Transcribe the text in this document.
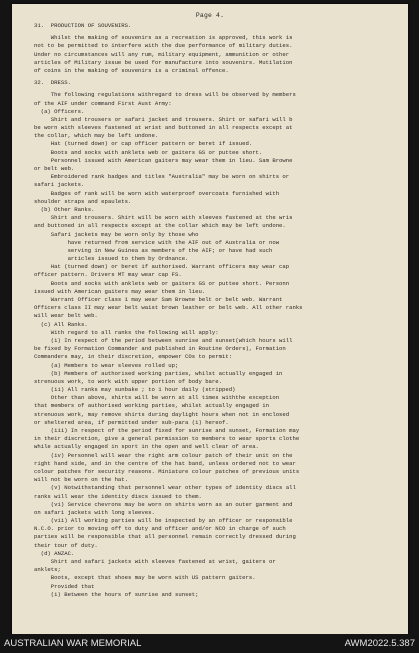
Page 4.
31.  PRODUCTION OF SOUVENIRS.
Whilst the making of souvenirs as a recreation is approved, this work is
not to be permitted to interfere with the due performance of military duties.
Under no circumstances will any rum, military equipment, ammunition or other
articles of Military issue be used for manufacture into souvenirs. Mutilation
of coins in the making of souvenirs is a criminal offence.
32.  DRESS.
The following regulations withregard to dress will be observed by members
of the AIF under command First Aust Army:
(a) Officers.
Shirt and trousers or safari jacket and trousers. Shirt or safari will b
be worn with sleeves fastened at wrist and buttoned in all respects except at
the collar, which may be left undone.
Hat (turned down) or cap officer pattern or beret if issued.
Boots and socks with anklets web or gaiters GS or puttee short.
Personnel issued with American gaiters may wear them in lieu. Sam Browne
or belt web.
Embroidered rank badges and titles "Australia" may be worn on shirts or
safari jackets.
Badges of rank will be worn with waterproof overcoats furnished with
shoulder straps and epaulets.
(b) Other Ranks.
Shirt and trousers. Shirt will be worn with sleeves fastened at the wris
and buttoned in all respects except at the collar which may be left undone.
Safari jackets may be worn only by those who
have returned from service with the AIF out of Australia or now
serving in New Guinea as members of the AIF; or have had such
articles issued to them by Ordnance.
Hat (turned down) or beret if authorised. Warrant officers may wear cap
officer pattern. Drivers MT may wear cap FS.
Boots and socks with anklets web or gaiters GS or puttee short. Personn
issued with American gaiters may wear them in lieu.
Warrant Officer class 1 may wear Sam Browne belt or belt web. Warrant
Officers class II may wear belt waist brown leather or belt web. All other ranks
will wear belt web.
(c) All Ranks.
With regard to all ranks the following will apply:
(i) In respect of the period between sunrise and sunset(which hours will
be fixed by Formation Commander and published in Routine Orders), Formation
Commanders may, in their discretion, empower COs to permit:
(a) Members to wear sleeves rolled up;
(b) Members of authorised working parties, whilst actually engaged in
strenuous work, to work with upper portion of body bare.
(ii) All ranks may sunbake ; to 1 hour daily (stripped)
Other than above, shirts will be worn at all times withthe exception
that members of authorised working parties, whilst actually engaged in
strenuous work, may remove shirts during daylight hours when not in enclosed
or sheltered area, if permitted under sub-para (i) hereof.
(iii) In respect of the period fixed for sunrise and sunset, Formation may
in their discretion, give a general permission to members to wear sports clothe
while actually engaged in sport in the open and well clear of area.
(iv) Personnel will wear the right arm colour patch of their unit on the
right hand side, and in the centre of the hat band, unless ordered not to wear
colour patches for security reasons. Miniature colour patches of previous units
will not be worn on the hat.
(v) Notwithstanding that personnel wear other types of identity discs all
ranks will wear the identity discs issued to them.
(vi) Service chevrons may be worn on shirts worn as an outer garment and
on safari jackets with long sleeves.
(vii) All working parties will be inspected by an officer or responsible
N.C.O. prior to moving off to duty and officer and/or NCO in charge of such
parties will be responsible that all personnel remain correctly dressed during
their tour of duty.
(d) ANZAC.
Shirt and safari jackets with sleeves fastened at wrist, gaiters or
anklets;
Boots, except that shoes may be worn with US pattern gaiters.
Provided that
(i) Between the hours of sunrise and sunset;
AUSTRALIAN WAR MEMORIAL	AWM2022.5.387
